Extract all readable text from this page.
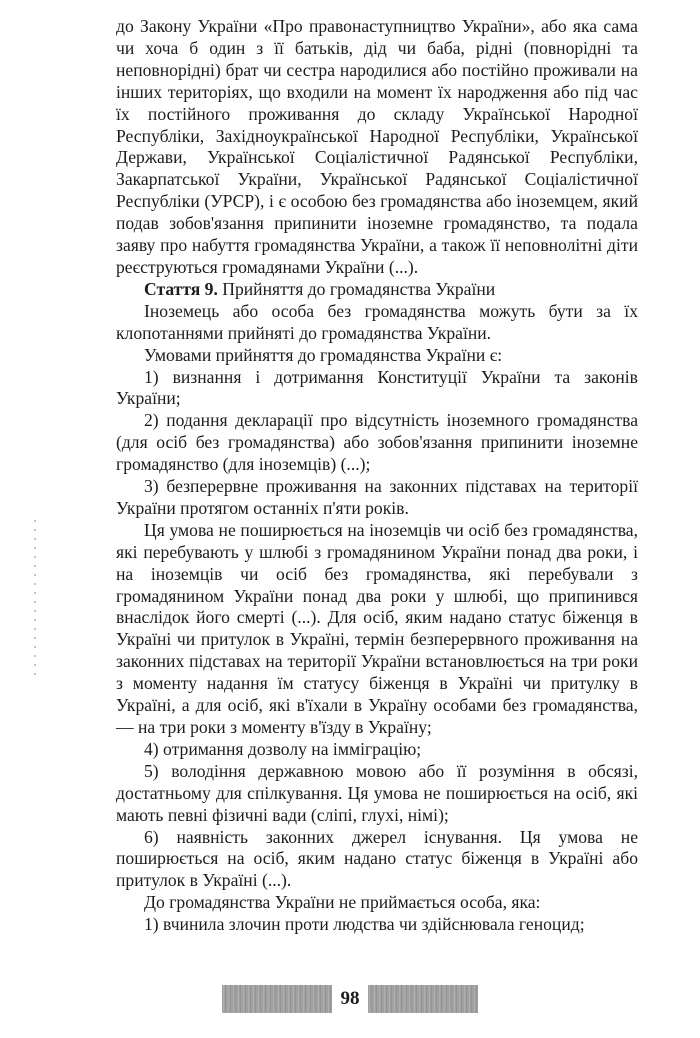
до Закону України «Про правонаступництво України», або яка сама чи хоча б один з її батьків, дід чи баба, рідні (повнорідні та неповнорідні) брат чи сестра народилися або постійно проживали на інших територіях, що входили на момент їх народження або під час їх постійного проживання до складу Української Народної Республіки, Західноукраїнської Народної Республіки, Української Держави, Української Соціалістичної Радянської Республіки, Закарпатської України, Української Радянської Соціалістичної Республіки (УРСР), і є особою без громадянства або іноземцем, який подав зобов'язання припинити іноземне громадянство, та подала заяву про набуття громадянства України, а також її неповнолітні діти реєструються громадянами України (...).

Стаття 9. Прийняття до громадянства України

Іноземець або особа без громадянства можуть бути за їх клопотаннями прийняті до громадянства України.

Умовами прийняття до громадянства України є:

1) визнання і дотримання Конституції України та законів України;

2) подання декларації про відсутність іноземного громадянства (для осіб без громадянства) або зобов'язання припинити іноземне громадянство (для іноземців) (...);

3) безперервне проживання на законних підставах на території України протягом останніх п'яти років.

Ця умова не поширюється на іноземців чи осіб без громадянства, які перебувають у шлюбі з громадянином України понад два роки, і на іноземців чи осіб без громадянства, які перебували з громадянином України понад два роки у шлюбі, що припинився внаслідок його смерті (...). Для осіб, яким надано статус біженця в Україні чи притулок в Україні, термін безперервного проживання на законних підставах на території України встановлюється на три роки з моменту надання їм статусу біженця в Україні чи притулку в Україні, а для осіб, які в'їхали в Україну особами без громадянства, — на три роки з моменту в'їзду в Україну;

4) отримання дозволу на імміграцію;

5) володіння державною мовою або її розуміння в обсязі, достатньому для спілкування. Ця умова не поширюється на осіб, які мають певні фізичні вади (сліпі, глухі, німі);

6) наявність законних джерел існування. Ця умова не поширюється на осіб, яким надано статус біженця в Україні або притулок в Україні (...).

До громадянства України не приймається особа, яка:

1) вчинила злочин проти людства чи здійснювала геноцид;

98
